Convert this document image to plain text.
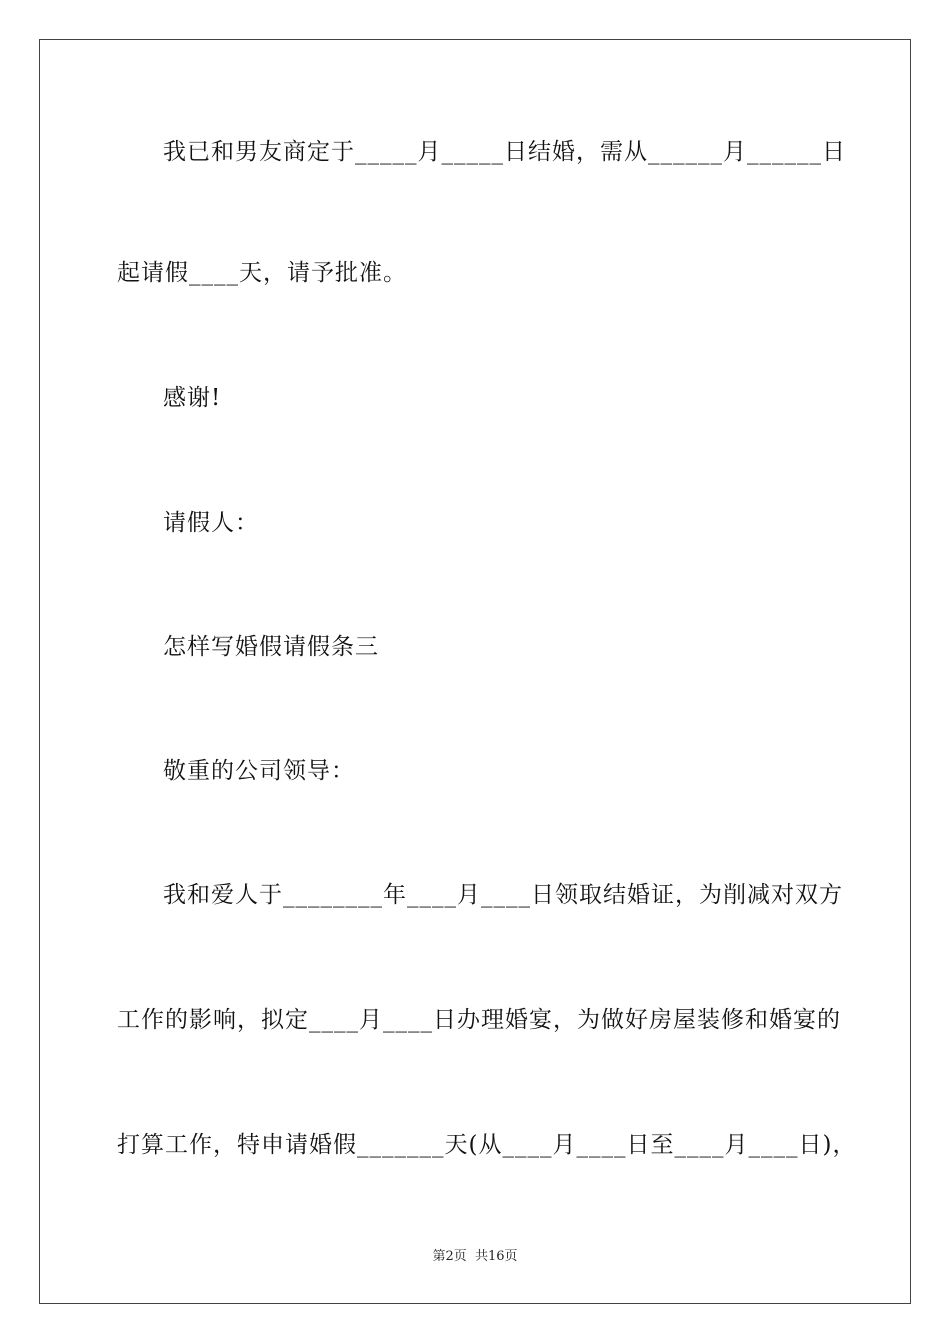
我已和男友商定于_____月_____日结婚，需从______月______日
起请假____天，请予批准。
感谢!
请假人：
怎样写婚假请假条三
敬重的公司领导：
我和爱人于________年____月____日领取结婚证，为削减对双方
工作的影响，拟定____月____日办理婚宴，为做好房屋装修和婚宴的
打算工作，特申请婚假_______天(从____月____日至____月____日)，
第2页  共16页
